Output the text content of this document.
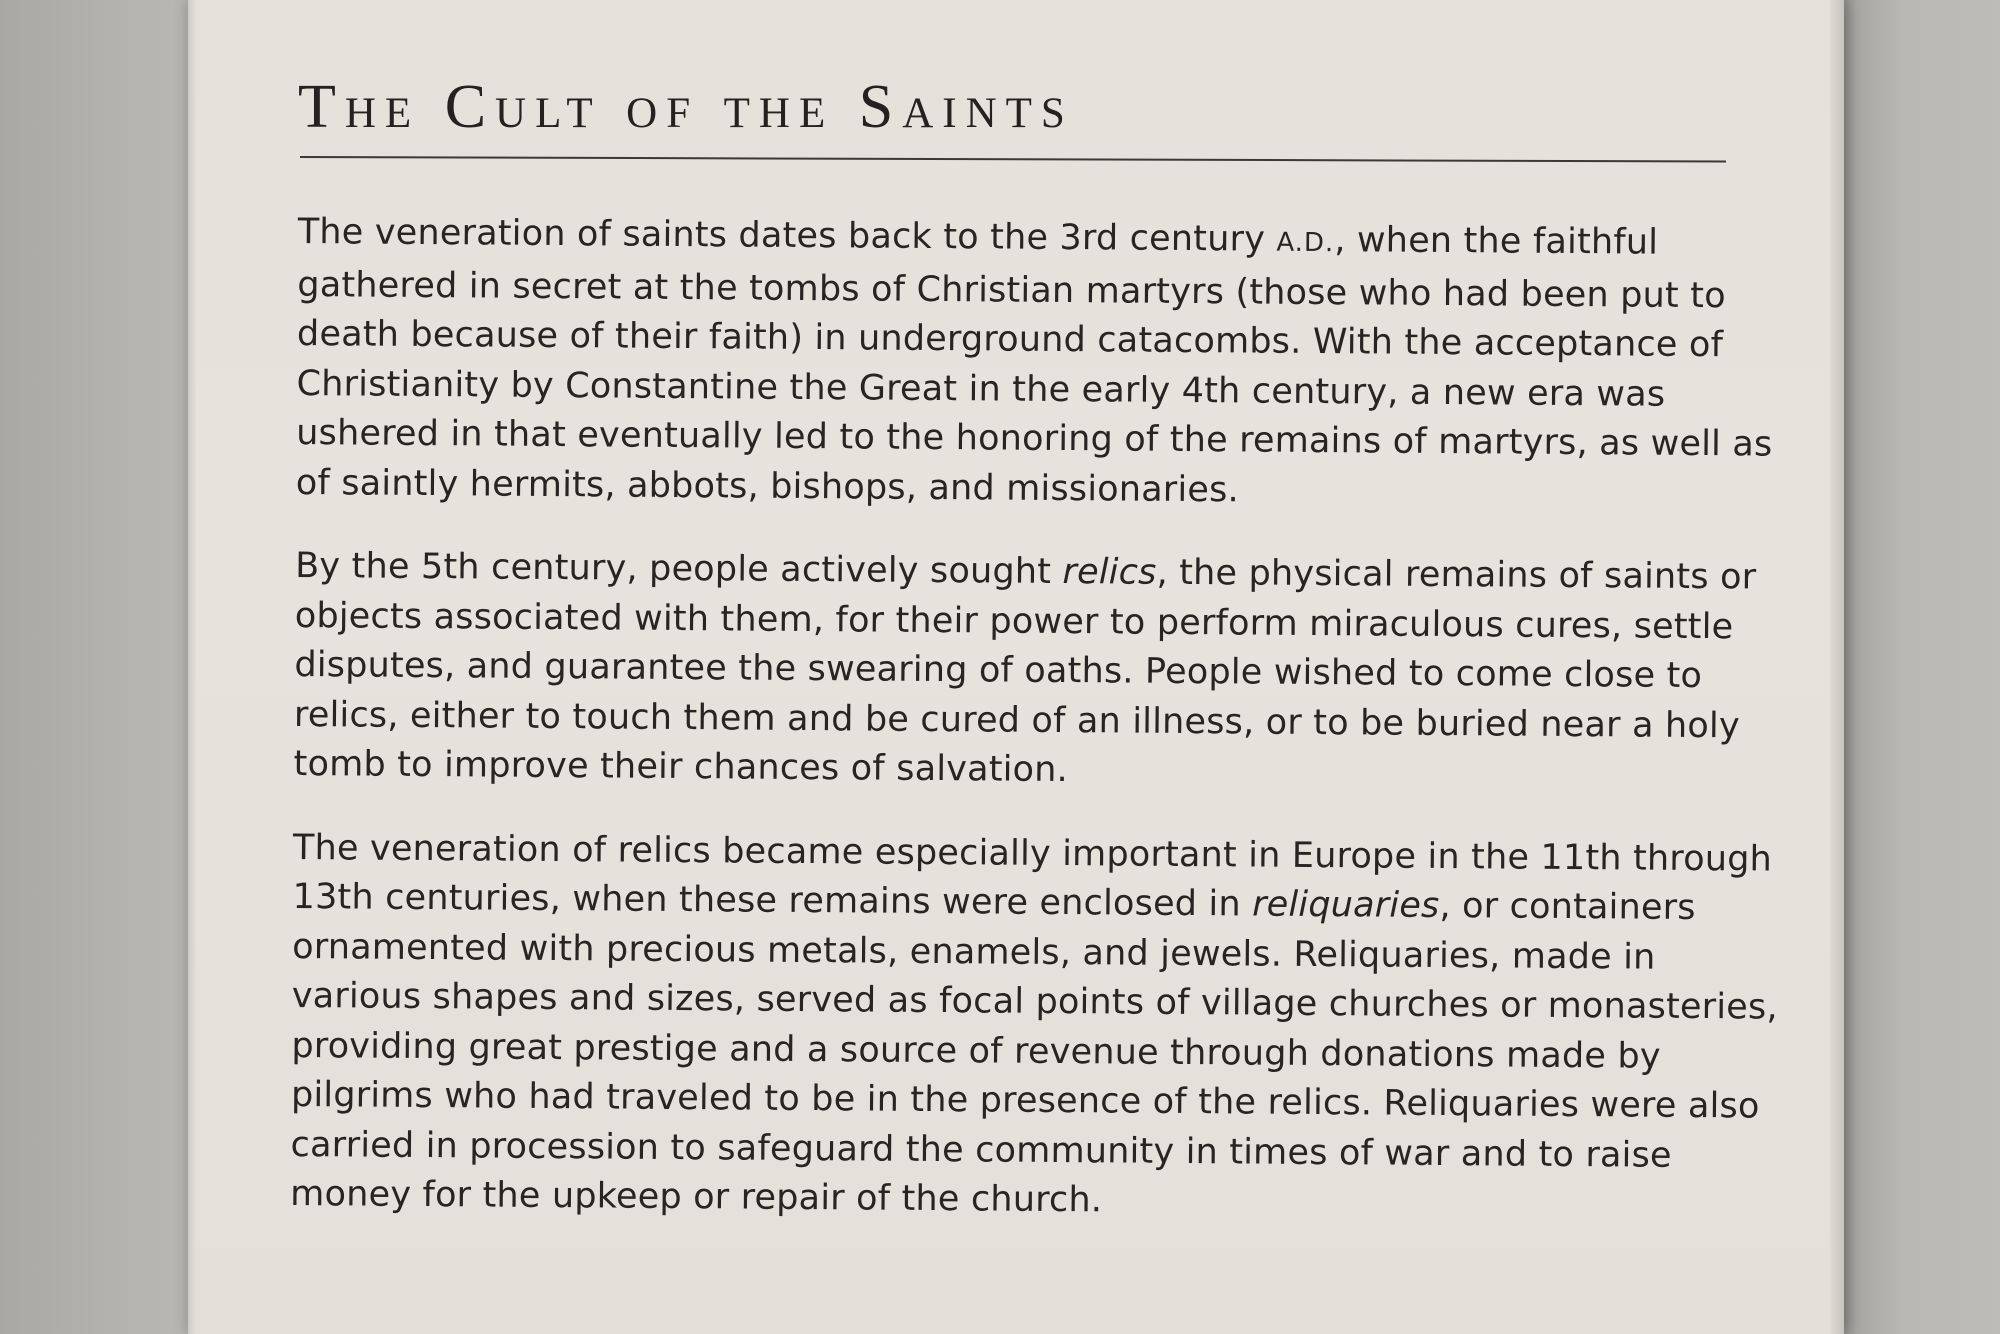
The Cult of the Saints

The veneration of saints dates back to the 3rd century A.D., when the faithful
gathered in secret at the tombs of Christian martyrs (those who had been put to
death because of their faith) in underground catacombs. With the acceptance of
Christianity by Constantine the Great in the early 4th century, a new era was
ushered in that eventually led to the honoring of the remains of martyrs, as well as
of saintly hermits, abbots, bishops, and missionaries.

By the 5th century, people actively sought relics, the physical remains of saints or
objects associated with them, for their power to perform miraculous cures, settle
disputes, and guarantee the swearing of oaths. People wished to come close to
relics, either to touch them and be cured of an illness, or to be buried near a holy
tomb to improve their chances of salvation.

The veneration of relics became especially important in Europe in the 11th through
13th centuries, when these remains were enclosed in reliquaries, or containers
ornamented with precious metals, enamels, and jewels. Reliquaries, made in
various shapes and sizes, served as focal points of village churches or monasteries,
providing great prestige and a source of revenue through donations made by
pilgrims who had traveled to be in the presence of the relics. Reliquaries were also
carried in procession to safeguard the community in times of war and to raise
money for the upkeep or repair of the church.
